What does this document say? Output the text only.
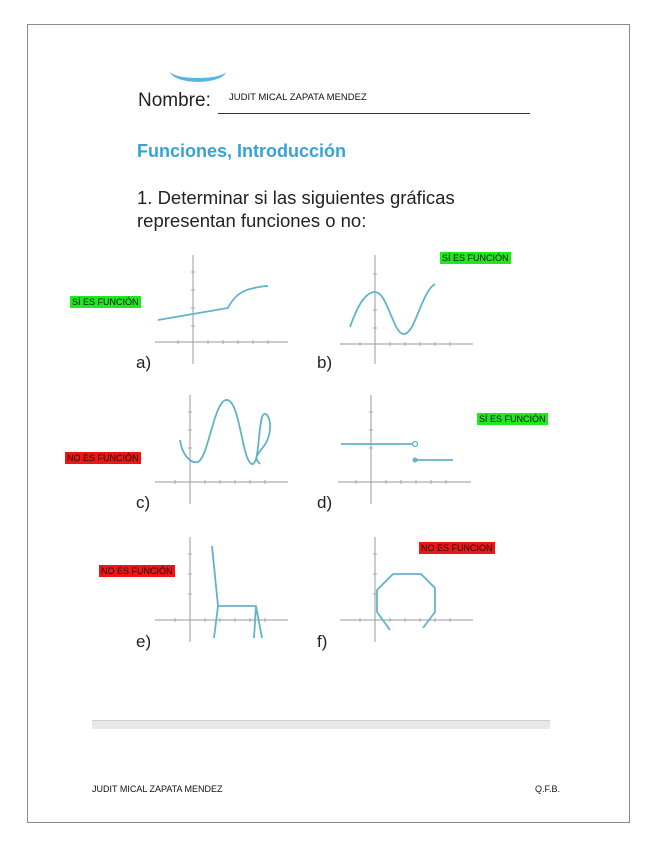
Nombre: JUDIT MICAL ZAPATA MENDEZ
Funciones, Introducción
1. Determinar si las siguientes gráficas representan funciones o no:
a)
SÍ ES FUNCIÓN
b)
SÍ ES FUNCIÓN
c)
NO ES FUNCIÓN
d)
SÍ ES FUNCIÓN
e)
NO ES FUNCIÓN
f)
NO ES FUNCION
JUDIT MICAL ZAPATA MENDEZ	Q.F.B.
